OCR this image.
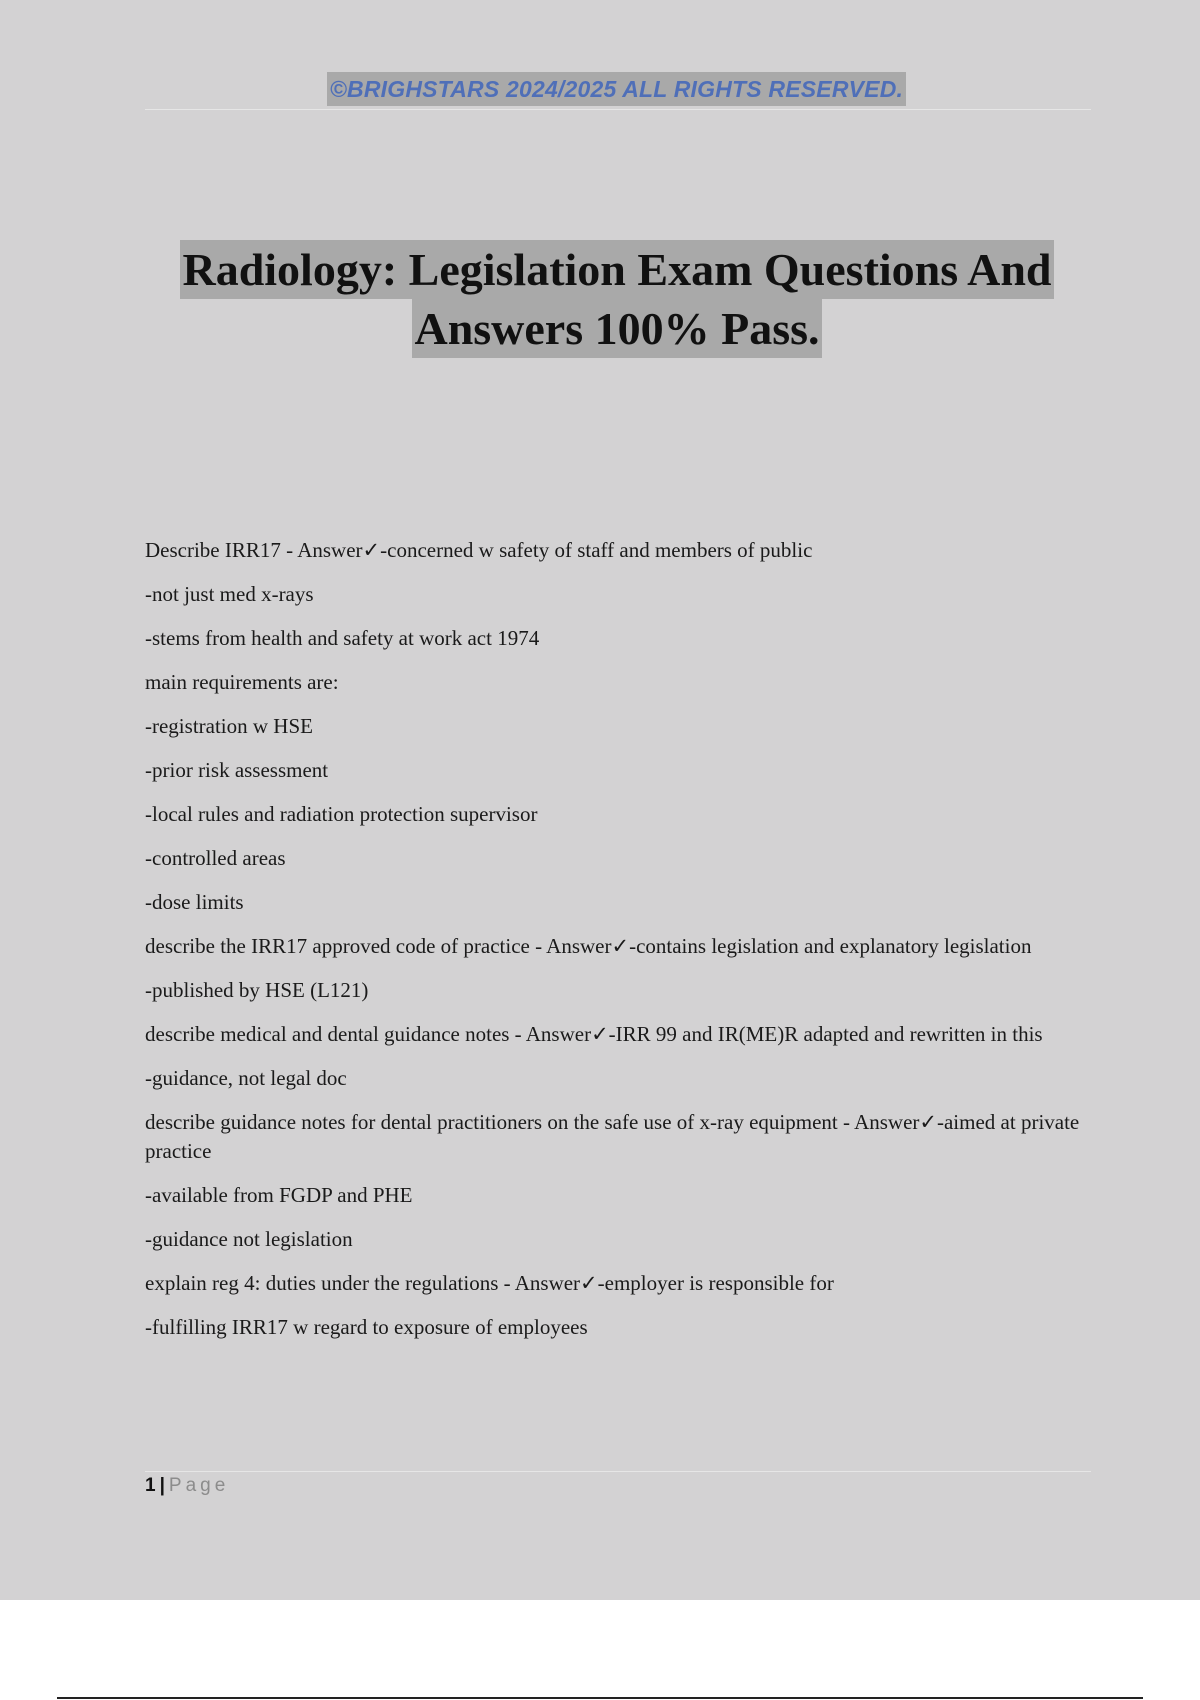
©BRIGHSTARS 2024/2025 ALL RIGHTS RESERVED.
Radiology: Legislation Exam Questions And
Answers 100% Pass.

Describe IRR17 - Answer✓-concerned w safety of staff and members of public

-not just med x-rays

-stems from health and safety at work act 1974

main requirements are:

-registration w HSE

-prior risk assessment

-local rules and radiation protection supervisor

-controlled areas

-dose limits

describe the IRR17 approved code of practice - Answer✓-contains legislation and explanatory legislation

-published by HSE (L121)

describe medical and dental guidance notes - Answer✓-IRR 99 and IR(ME)R adapted and rewritten in this

-guidance, not legal doc

describe guidance notes for dental practitioners on the safe use of x-ray equipment - Answer✓-aimed at private practice

-available from FGDP and PHE

-guidance not legislation

explain reg 4: duties under the regulations - Answer✓-employer is responsible for

-fulfilling IRR17 w regard to exposure of employees

1 | Page
